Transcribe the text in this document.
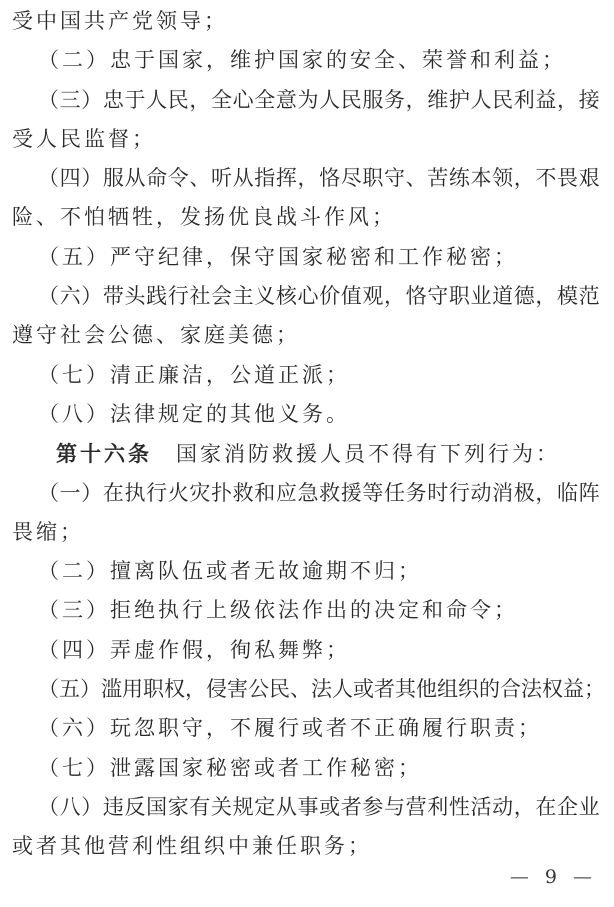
受中国共产党领导；
（二）忠于国家，维护国家的安全、荣誉和利益；
（ 三 ） 忠 于 人 民 ， 全 心 全 意 为 人 民 服 务 ， 维 护 人 民 利 益 ， 接
受人民监督；
（ 四 ） 服 从 命 令 、 听 从 指 挥 ， 恪 尽 职 守 、 苦 练 本 领 ， 不 畏 艰
险、不怕牺牲，发扬优良战斗作风；
（五）严守纪律，保守国家秘密和工作秘密；
（ 六 ） 带 头 践 行 社 会 主 义 核 心 价 值 观 ， 恪 守 职 业 道 德 ， 模 范
遵守社会公德、家庭美德；
（七）清正廉洁，公道正派；
（八）法律规定的其他义务。
第十六条　国家消防救援人员不得有下列行为：
（ 一 ） 在 执 行 火 灾 扑 救 和 应 急 救 援 等 任 务 时 行 动 消 极 ， 临 阵
畏缩；
（二）擅离队伍或者无故逾期不归；
（三）拒绝执行上级依法作出的决定和命令；
（四）弄虚作假，徇私舞弊；
（ 五 ） 滥 用 职 权 ， 侵 害 公 民 、 法 人 或 者 其 他 组 织 的 合 法 权 益 ；
（六）玩忽职守，不履行或者不正确履行职责；
（七）泄露国家秘密或者工作秘密；
（ 八 ） 违 反 国 家 有 关 规 定 从 事 或 者 参 与 营 利 性 活 动 ， 在 企 业
或者其他营利性组织中兼任职务；
— 9 —
